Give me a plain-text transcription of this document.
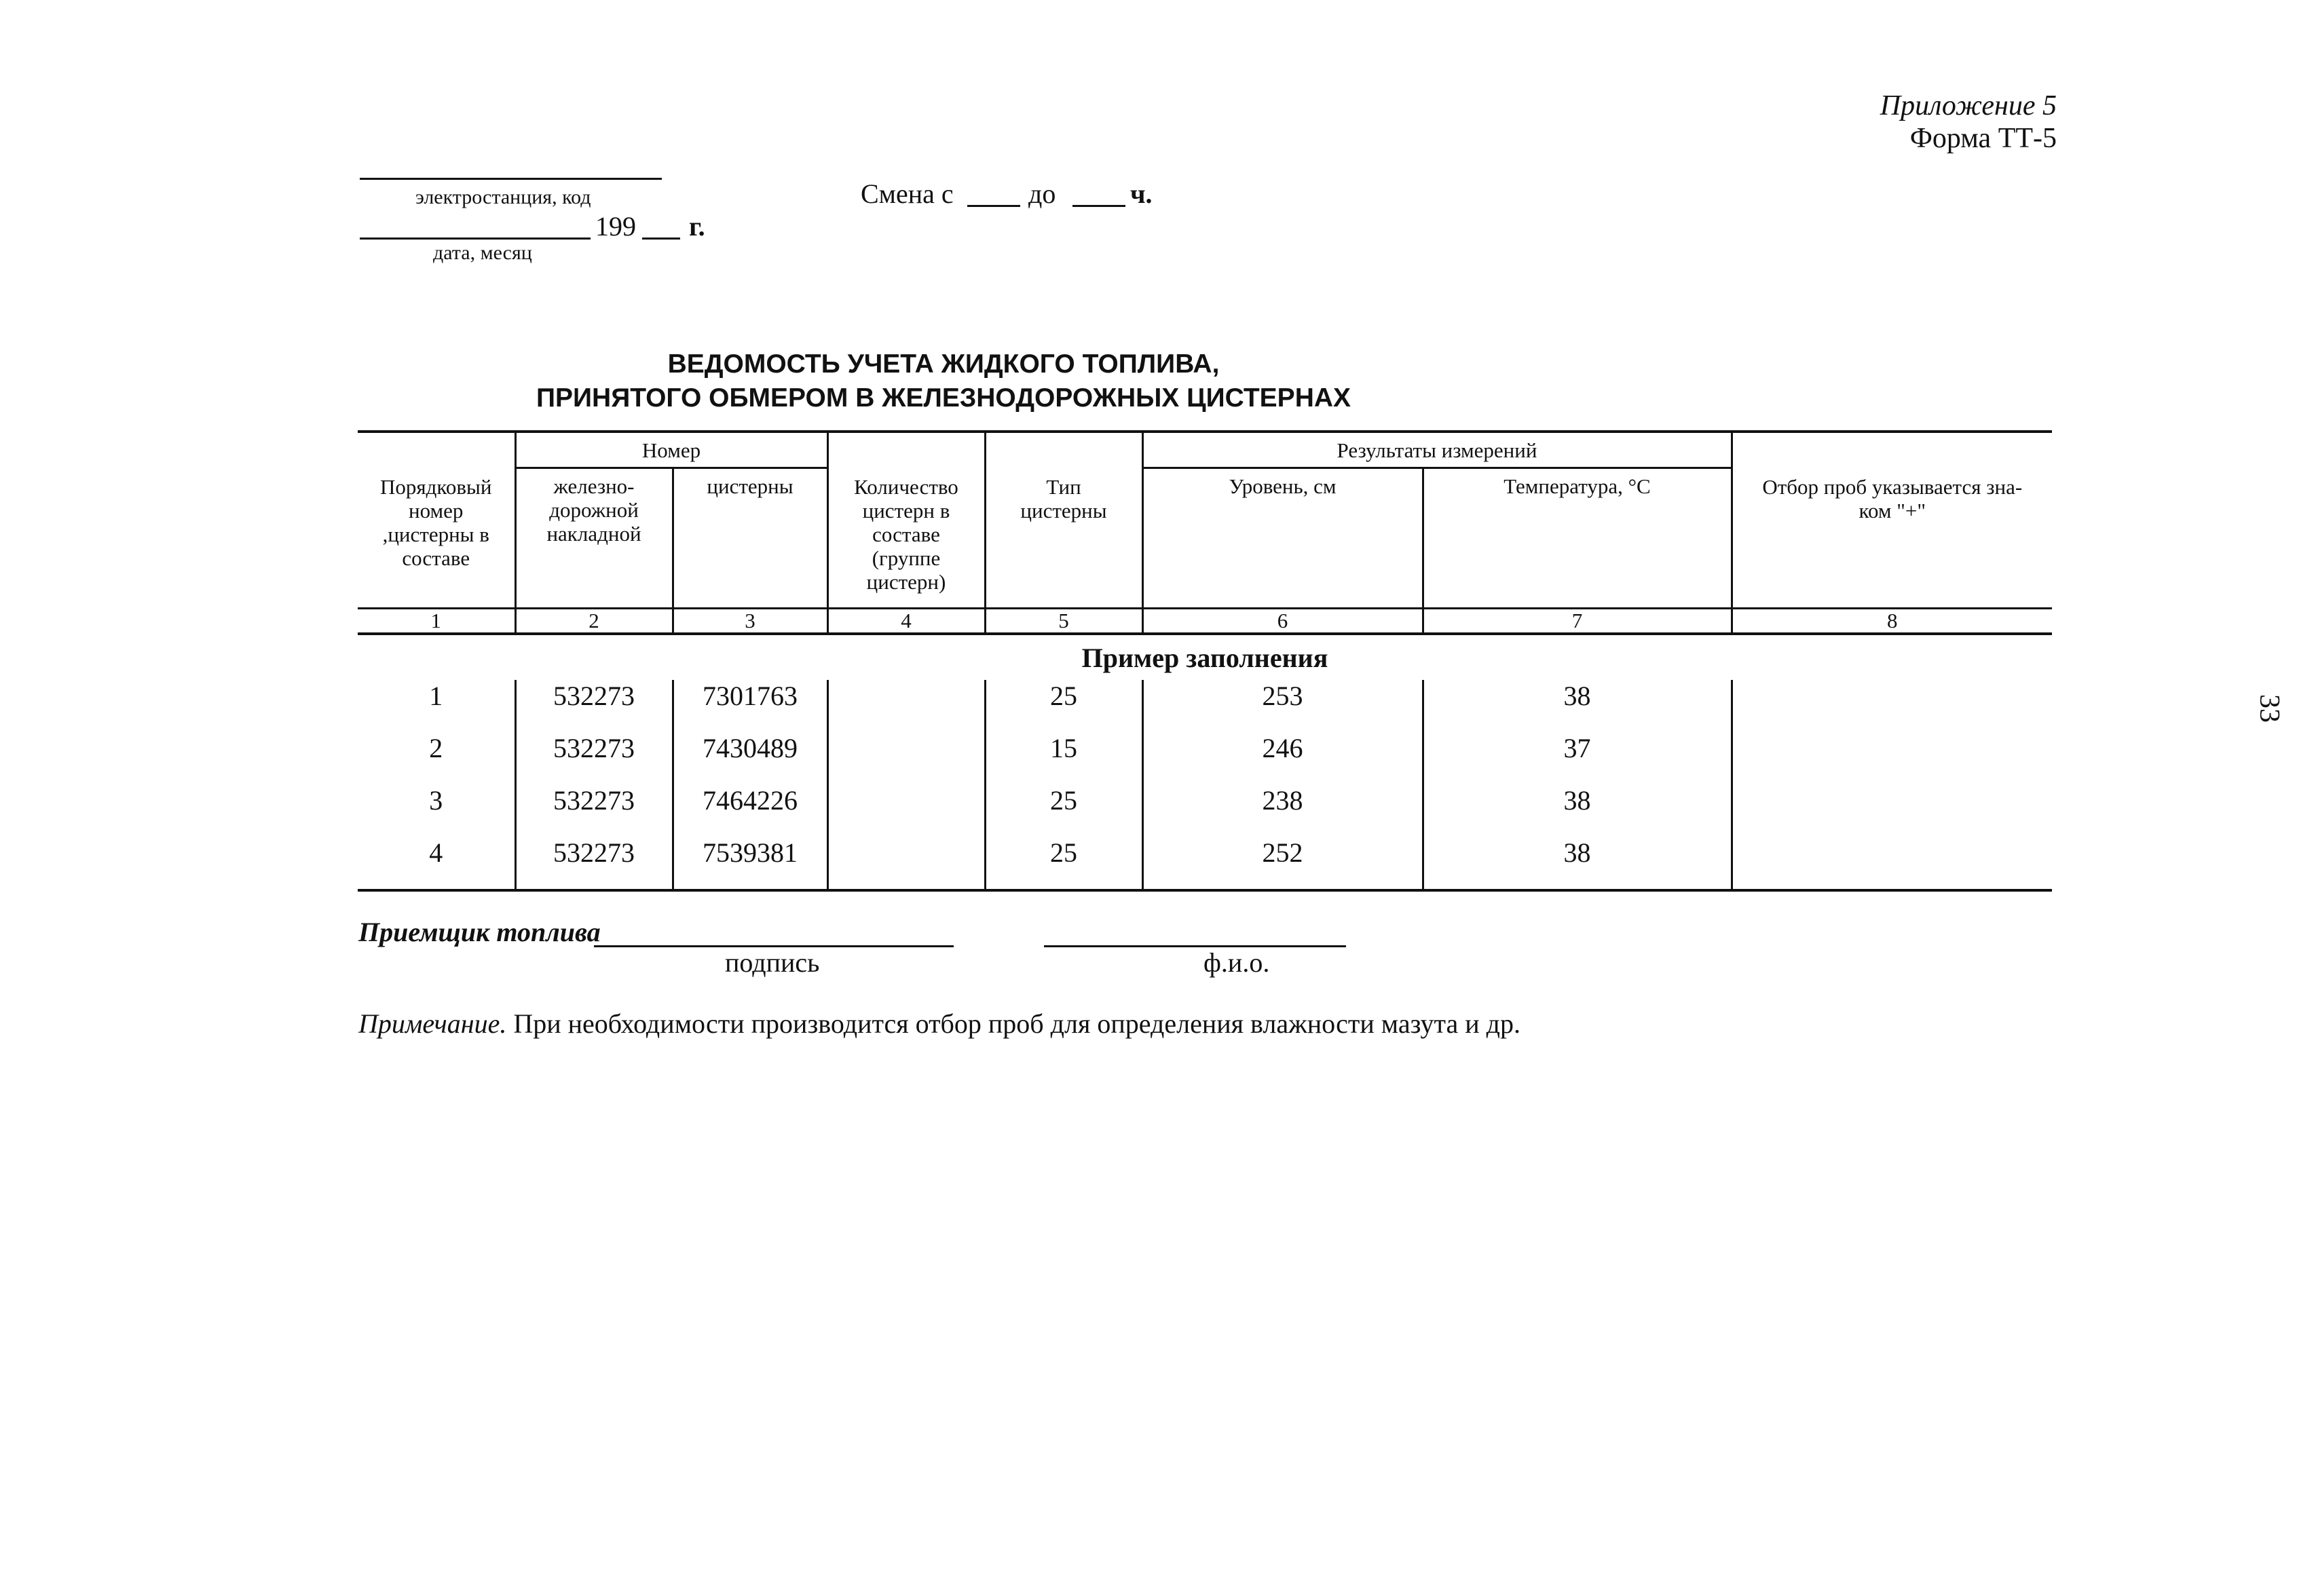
Приложение 5
Форма ТТ-5
электростанция, код
199 г.
дата, месяц
Смена с	до	ч.
ВЕДОМОСТЬ УЧЕТА ЖИДКОГО ТОПЛИВА,
ПРИНЯТОГО ОБМЕРОМ В ЖЕЛЕЗНОДОРОЖНЫХ ЦИСТЕРНАХ
Порядковый номер ,цистерны в составе	Номер		Количество цистерн в составе (группе цистерн)	Тип цистерны	Результаты измерений		Отбор проб указывается зна-ком "+"
	железно-дорожной накладной	цистерны			Уровень, см	Температура, °С	
1	2	3	4	5	6	7	8
Пример заполнения							
1	532273	7301763		25	253	38	
2	532273	7430489		15	246	37	
3	532273	7464226		25	238	38	
4	532273	7539381		25	252	38	
Приемщик топлива
подпись	ф.и.о.
Примечание. При необходимости производится отбор проб для определения влажности мазута и др.
33
